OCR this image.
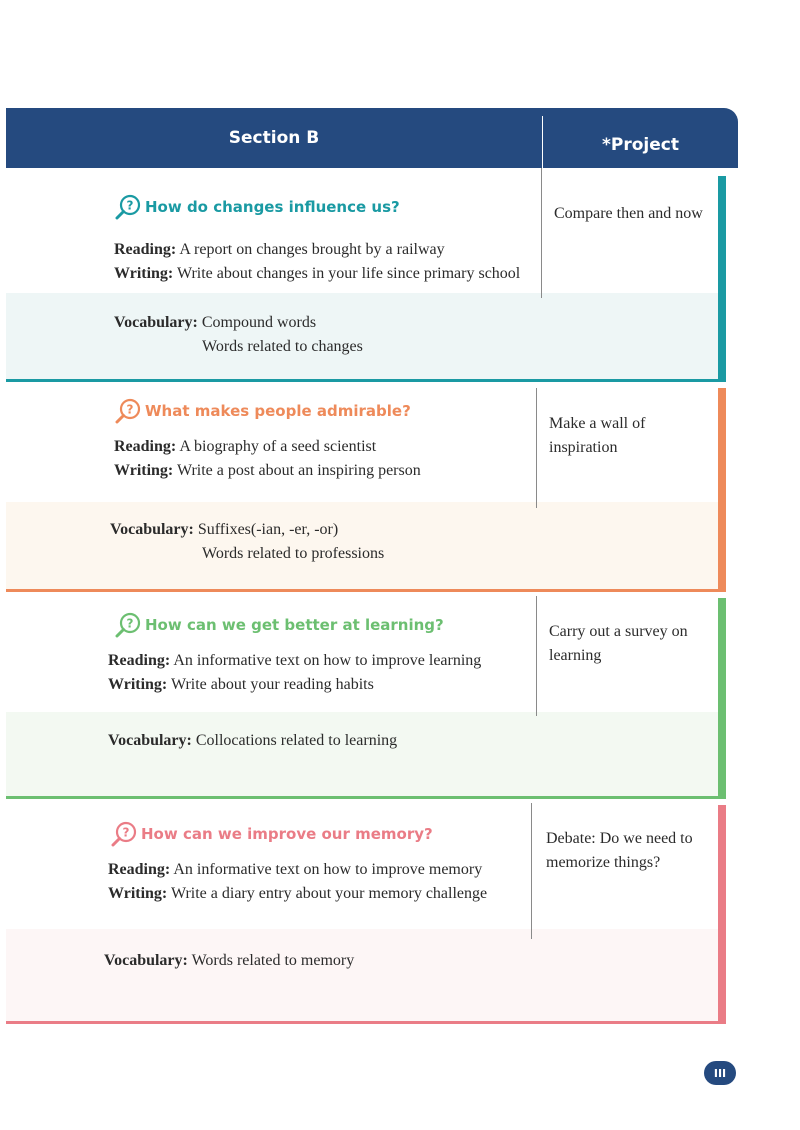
Section B	*Project
? How do changes influence us?
Reading: A report on changes brought by a railway
Writing: Write about changes in your life since primary school
Vocabulary: Compound words
Words related to changes
Compare then and now
? What makes people admirable?
Reading: A biography of a seed scientist
Writing: Write a post about an inspiring person
Vocabulary: Suffixes(-ian, -er, -or)
Words related to professions
Make a wall of inspiration
? How can we get better at learning?
Reading: An informative text on how to improve learning
Writing: Write about your reading habits
Vocabulary: Collocations related to learning
Carry out a survey on learning
? How can we improve our memory?
Reading: An informative text on how to improve memory
Writing: Write a diary entry about your memory challenge
Vocabulary: Words related to memory
Debate: Do we need to memorize things?
III
